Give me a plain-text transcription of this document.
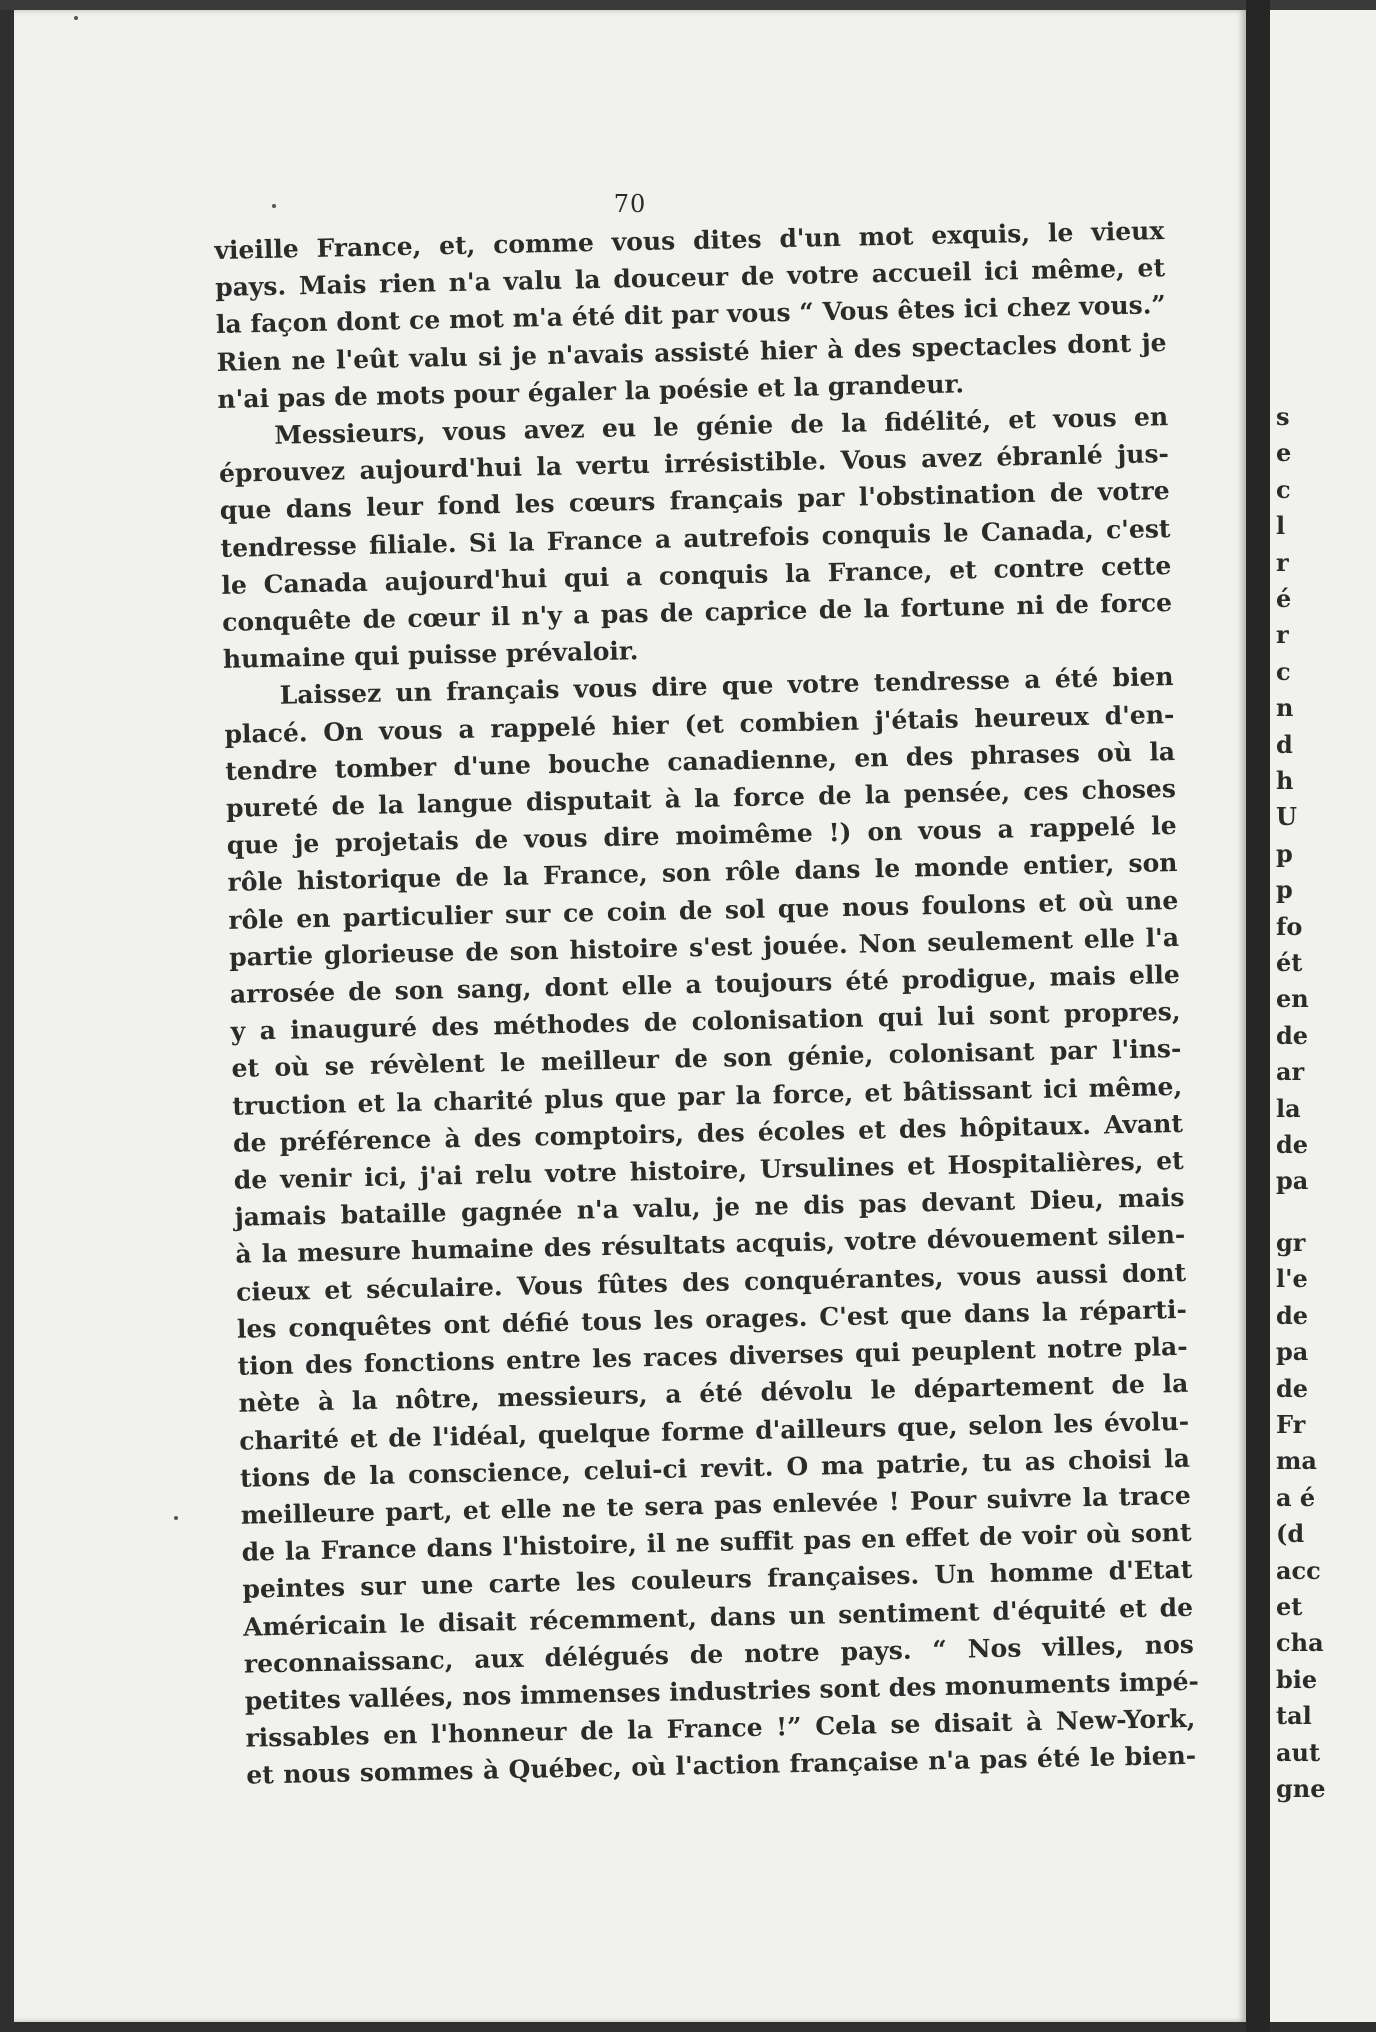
70
vieille France, et, comme vous dites d'un mot exquis, le vieux
pays. Mais rien n'a valu la douceur de votre accueil ici même, et
la façon dont ce mot m'a été dit par vous “ Vous êtes ici chez vous.”
Rien ne l'eût valu si je n'avais assisté hier à des spectacles dont je
n'ai pas de mots pour égaler la poésie et la grandeur.
Messieurs, vous avez eu le génie de la fidélité, et vous en
éprouvez aujourd'hui la vertu irrésistible. Vous avez ébranlé jus-
que dans leur fond les cœurs français par l'obstination de votre
tendresse filiale. Si la France a autrefois conquis le Canada, c'est
le Canada aujourd'hui qui a conquis la France, et contre cette
conquête de cœur il n'y a pas de caprice de la fortune ni de force
humaine qui puisse prévaloir.
Laissez un français vous dire que votre tendresse a été bien
placé. On vous a rappelé hier (et combien j'étais heureux d'en-
tendre tomber d'une bouche canadienne, en des phrases où la
pureté de la langue disputait à la force de la pensée, ces choses
que je projetais de vous dire moimême !) on vous a rappelé le
rôle historique de la France, son rôle dans le monde entier, son
rôle en particulier sur ce coin de sol que nous foulons et où une
partie glorieuse de son histoire s'est jouée. Non seulement elle l'a
arrosée de son sang, dont elle a toujours été prodigue, mais elle
y a inauguré des méthodes de colonisation qui lui sont propres,
et où se révèlent le meilleur de son génie, colonisant par l'ins-
truction et la charité plus que par la force, et bâtissant ici même,
de préférence à des comptoirs, des écoles et des hôpitaux. Avant
de venir ici, j'ai relu votre histoire, Ursulines et Hospitalières, et
jamais bataille gagnée n'a valu, je ne dis pas devant Dieu, mais
à la mesure humaine des résultats acquis, votre dévouement silen-
cieux et séculaire. Vous fûtes des conquérantes, vous aussi dont
les conquêtes ont défié tous les orages. C'est que dans la réparti-
tion des fonctions entre les races diverses qui peuplent notre pla-
nète à la nôtre, messieurs, a été dévolu le département de la
charité et de l'idéal, quelque forme d'ailleurs que, selon les évolu-
tions de la conscience, celui-ci revit. O ma patrie, tu as choisi la
meilleure part, et elle ne te sera pas enlevée ! Pour suivre la trace
de la France dans l'histoire, il ne suffit pas en effet de voir où sont
peintes sur une carte les couleurs françaises. Un homme d'Etat
Américain le disait récemment, dans un sentiment d'équité et de
reconnaissanc, aux délégués de notre pays. “ Nos villes, nos
petites vallées, nos immenses industries sont des monuments impé-
rissables en l'honneur de la France !” Cela se disait à New-York,
et nous sommes à Québec, où l'action française n'a pas été le bien-
s
e
c
l
r
é
r
c
n
d
h
U
p
p
fo
ét
en
de
ar
la
de
pa
gr
l'e
de
pa
de
Fr
ma
a é
(d
acc
et
cha
bie
tal
aut
gne
